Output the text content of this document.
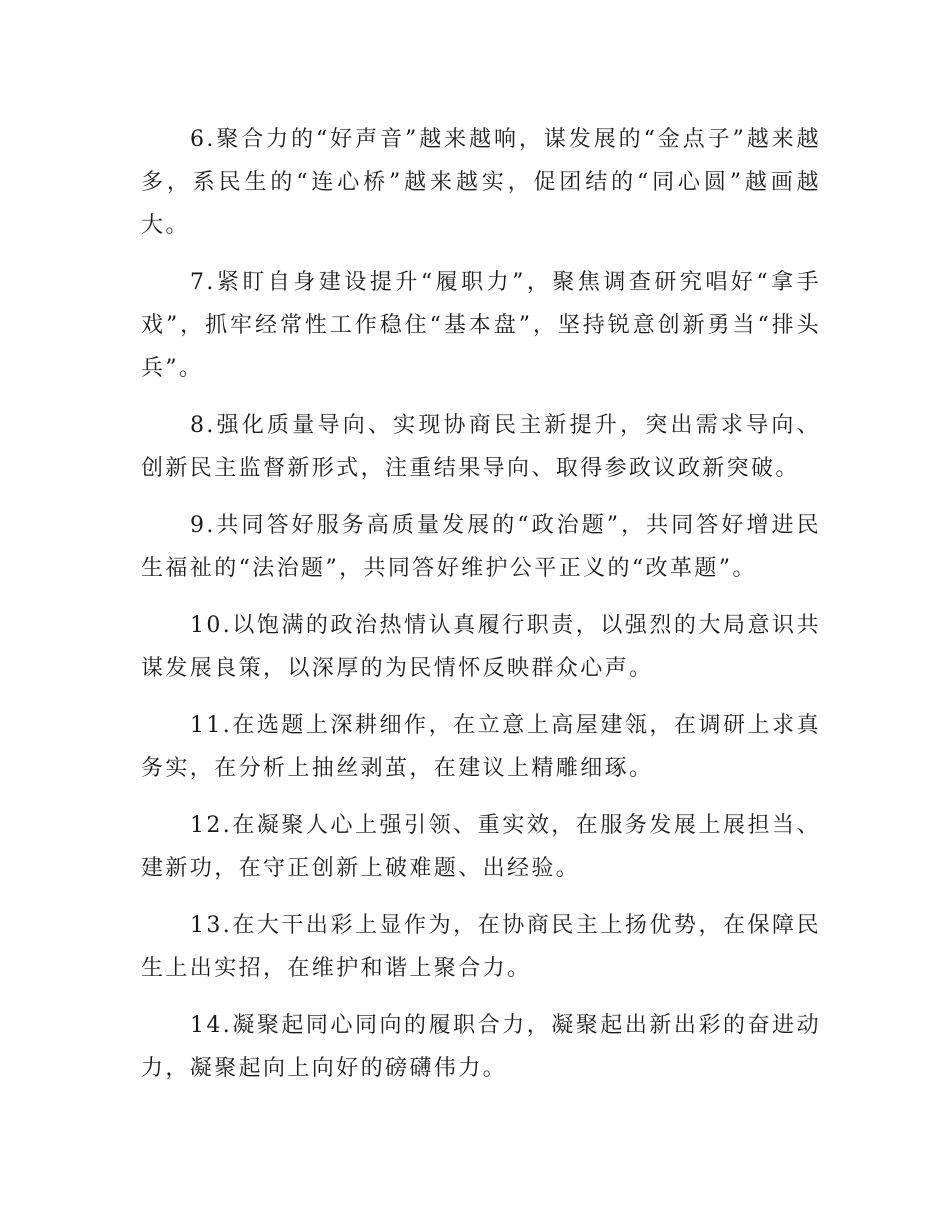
6.聚合力的“好声音”越来越响，谋发展的“金点子”越来越多，系民生的“连心桥”越来越实，促团结的“同心圆”越画越大。

7.紧盯自身建设提升“履职力”，聚焦调查研究唱好“拿手戏”，抓牢经常性工作稳住“基本盘”，坚持锐意创新勇当“排头兵”。

8.强化质量导向、实现协商民主新提升，突出需求导向、创新民主监督新形式，注重结果导向、取得参政议政新突破。

9.共同答好服务高质量发展的“政治题”，共同答好增进民生福祉的“法治题”，共同答好维护公平正义的“改革题”。

10.以饱满的政治热情认真履行职责，以强烈的大局意识共谋发展良策，以深厚的为民情怀反映群众心声。

11.在选题上深耕细作，在立意上高屋建瓴，在调研上求真务实，在分析上抽丝剥茧，在建议上精雕细琢。

12.在凝聚人心上强引领、重实效，在服务发展上展担当、建新功，在守正创新上破难题、出经验。

13.在大干出彩上显作为，在协商民主上扬优势，在保障民生上出实招，在维护和谐上聚合力。

14.凝聚起同心同向的履职合力，凝聚起出新出彩的奋进动力，凝聚起向上向好的磅礴伟力。
